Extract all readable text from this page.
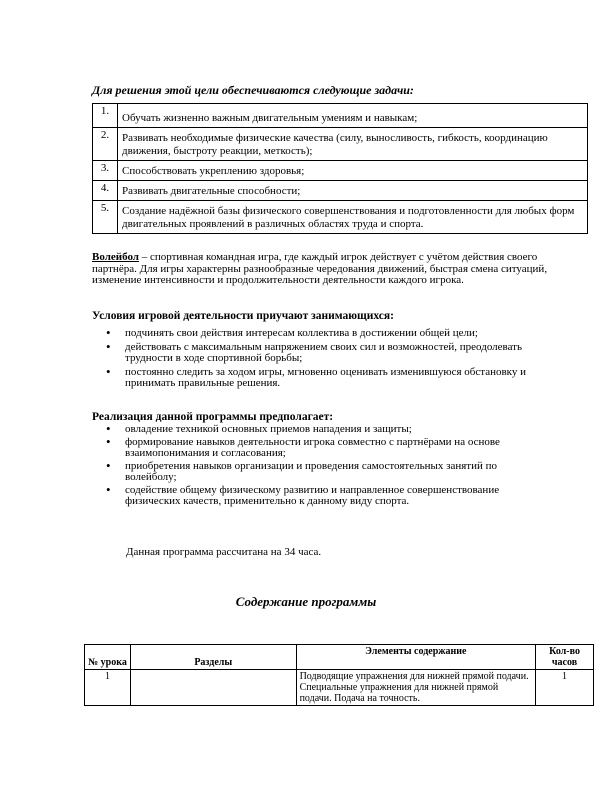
Для решения этой цели обеспечиваются следующие задачи:
1.	Обучать жизненно важным двигательным умениям и навыкам;
2.	Развивать необходимые физические качества (силу, выносливость, гибкость, координацию движения, быстроту реакции, меткость);
3.	Способствовать укреплению здоровья;
4.	Развивать двигательные способности;
5.	Создание надёжной базы физического совершенствования и подготовленности для любых форм двигательных проявлений в различных областях труда и спорта.
Волейбол – спортивная командная игра, где каждый игрок действует с учётом действия своего партнёра. Для игры характерны разнообразные чередования движений, быстрая смена ситуаций, изменение интенсивности и продолжительности деятельности каждого игрока.
Условия игровой деятельности приучают занимающихся:
• подчинять свои действия интересам коллектива в достижении общей цели;
• действовать с максимальным напряжением своих сил и возможностей, преодолевать трудности в ходе спортивной борьбы;
• постоянно следить за ходом игры, мгновенно оценивать изменившуюся обстановку и принимать правильные решения.
Реализация данной программы предполагает:
• овладение техникой основных приемов нападения и защиты;
• формирование навыков деятельности игрока совместно с партнёрами на основе взаимопонимания и согласования;
• приобретения навыков организации и проведения самостоятельных занятий по волейболу;
• содействие общему физическому развитию и направленное совершенствование физических качеств, применительно к данному виду спорта.
Данная программа рассчитана на 34 часа.
Содержание программы
№ урока	Разделы	Элементы содержание	Кол-во часов
1		Подводящие упражнения для нижней прямой подачи. Специальные упражнения для нижней прямой подачи. Подача на точность.	1
